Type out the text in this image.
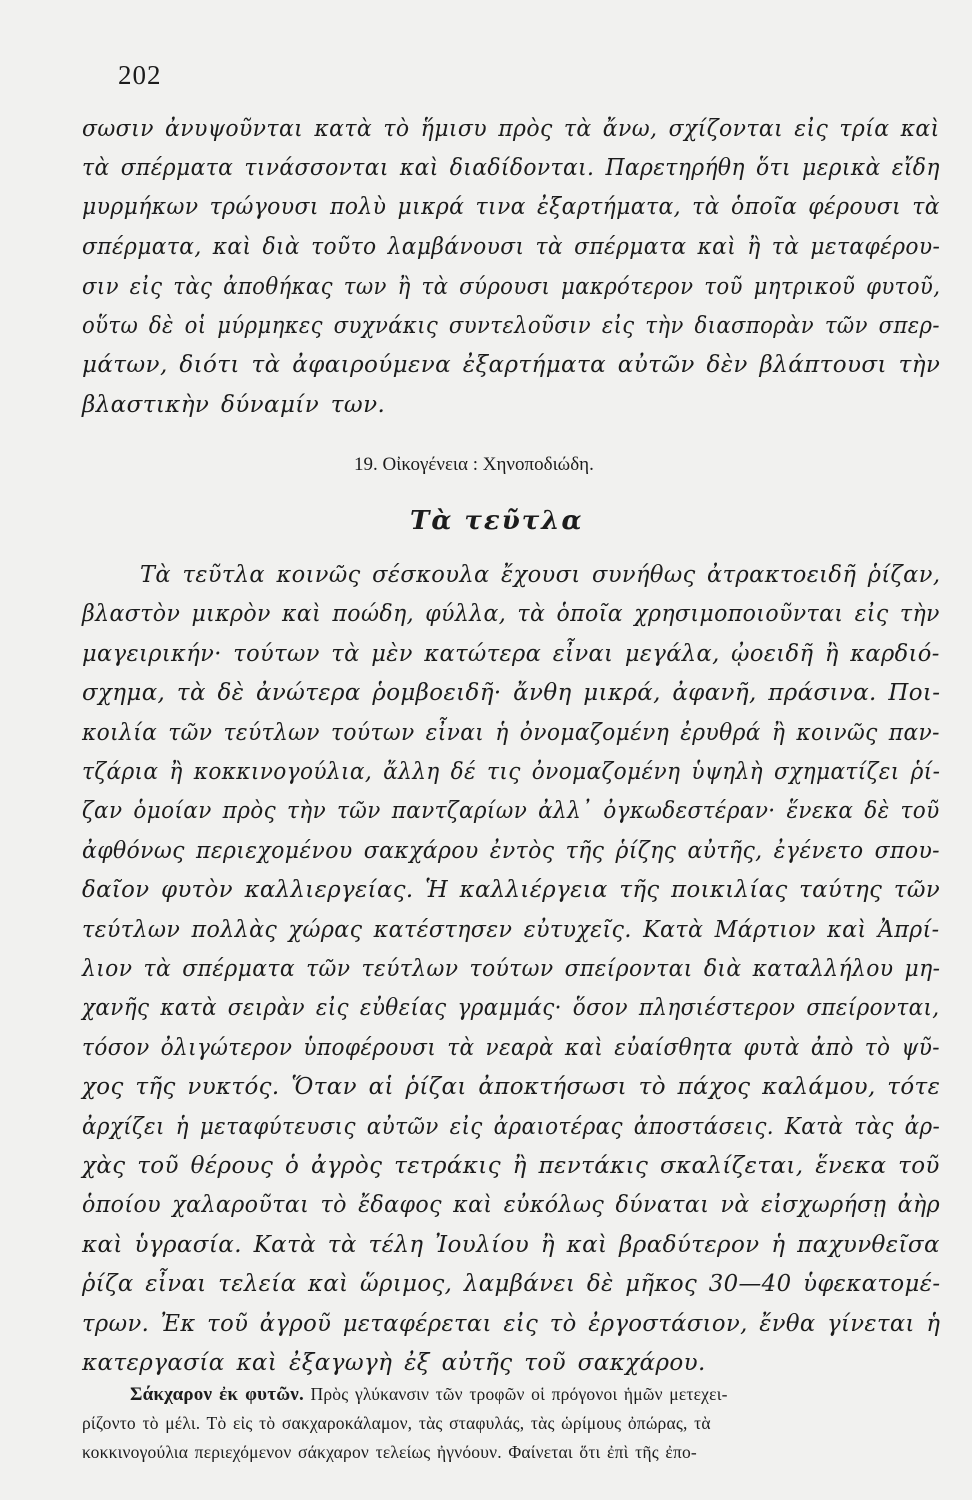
202
σωσιν ἀνυψοῦνται κατὰ τὸ ἥμισυ πρὸς τὰ ἄνω, σχίζονται εἰς τρία καὶ
τὰ σπέρματα τινάσσονται καὶ διαδίδονται. Παρετηρήθη ὅτι μερικὰ εἴδη
μυρμήκων τρώγουσι πολὺ μικρά τινα ἐξαρτήματα, τὰ ὁποῖα φέρουσι τὰ
σπέρματα, καὶ διὰ τοῦτο λαμβάνουσι τὰ σπέρματα καὶ ἢ τὰ μεταφέρου-
σιν εἰς τὰς ἀποθήκας των ἢ τὰ σύρουσι μακρότερον τοῦ μητρικοῦ φυτοῦ,
οὕτω δὲ οἱ μύρμηκες συχνάκις συντελοῦσιν εἰς τὴν διασπορὰν τῶν σπερ-
μάτων, διότι τὰ ἀφαιρούμενα ἐξαρτήματα αὐτῶν δὲν βλάπτουσι τὴν
βλαστικὴν δύναμίν των.
19. Οἰκογένεια : Χηνοποδιώδη.
Τὰ τεῦτλα
Τὰ τεῦτλα κοινῶς σέσκουλα ἔχουσι συνήθως ἀτρακτοειδῆ ῥίζαν,
βλαστὸν μικρὸν καὶ ποώδη, φύλλα, τὰ ὁποῖα χρησιμοποιοῦνται εἰς τὴν
μαγειρικήν· τούτων τὰ μὲν κατώτερα εἶναι μεγάλα, ᾠοειδῆ ἢ καρδιό-
σχημα, τὰ δὲ ἀνώτερα ῥομβοειδῆ· ἄνθη μικρά, ἀφανῆ, πράσινα. Ποι-
κοιλία τῶν τεύτλων τούτων εἶναι ἡ ὀνομαζομένη ἐρυθρά ἢ κοινῶς παν-
τζάρια ἢ κοκκινογούλια, ἄλλη δέ τις ὀνομαζομένη ὑψηλὴ σχηματίζει ῥί-
ζαν ὁμοίαν πρὸς τὴν τῶν παντζαρίων ἀλλ᾽ ὀγκωδεστέραν· ἕνεκα δὲ τοῦ
ἀφθόνως περιεχομένου σακχάρου ἐντὸς τῆς ῥίζης αὐτῆς, ἐγένετο σπου-
δαῖον φυτὸν καλλιεργείας. Ἡ καλλιέργεια τῆς ποικιλίας ταύτης τῶν
τεύτλων πολλὰς χώρας κατέστησεν εὐτυχεῖς. Κατὰ Μάρτιον καὶ Ἀπρί-
λιον τὰ σπέρματα τῶν τεύτλων τούτων σπείρονται διὰ καταλλήλου μη-
χανῆς κατὰ σειρὰν εἰς εὐθείας γραμμάς· ὅσον πλησιέστερον σπείρονται,
τόσον ὀλιγώτερον ὑποφέρουσι τὰ νεαρὰ καὶ εὐαίσθητα φυτὰ ἀπὸ τὸ ψῦ-
χος τῆς νυκτός. Ὅταν αἱ ῥίζαι ἀποκτήσωσι τὸ πάχος καλάμου, τότε
ἀρχίζει ἡ μεταφύτευσις αὐτῶν εἰς ἀραιοτέρας ἀποστάσεις. Κατὰ τὰς ἀρ-
χὰς τοῦ θέρους ὁ ἀγρὸς τετράκις ἢ πεντάκις σκαλίζεται, ἕνεκα τοῦ
ὁποίου χαλαροῦται τὸ ἔδαφος καὶ εὐκόλως δύναται νὰ εἰσχωρήσῃ ἀὴρ
καὶ ὑγρασία. Κατὰ τὰ τέλη Ἰουλίου ἢ καὶ βραδύτερον ἡ παχυνθεῖσα
ῥίζα εἶναι τελεία καὶ ὥριμος, λαμβάνει δὲ μῆκος 30—40 ὑφεκατομέ-
τρων. Ἐκ τοῦ ἀγροῦ μεταφέρεται εἰς τὸ ἐργοστάσιον, ἔνθα γίνεται ἡ
κατεργασία καὶ ἐξαγωγὴ ἐξ αὐτῆς τοῦ σακχάρου.
Σάκχαρον ἐκ φυτῶν. Πρὸς γλύκανσιν τῶν τροφῶν οἱ πρόγονοι ἡμῶν μετεχει-
ρίζοντο τὸ μέλι. Τὸ εἰς τὸ σακχαροκάλαμον, τὰς σταφυλάς, τὰς ὡρίμους ὀπώρας, τὰ
κοκκινογούλια περιεχόμενον σάκχαρον τελείως ἠγνόουν. Φαίνεται ὅτι ἐπὶ τῆς ἐπο-
